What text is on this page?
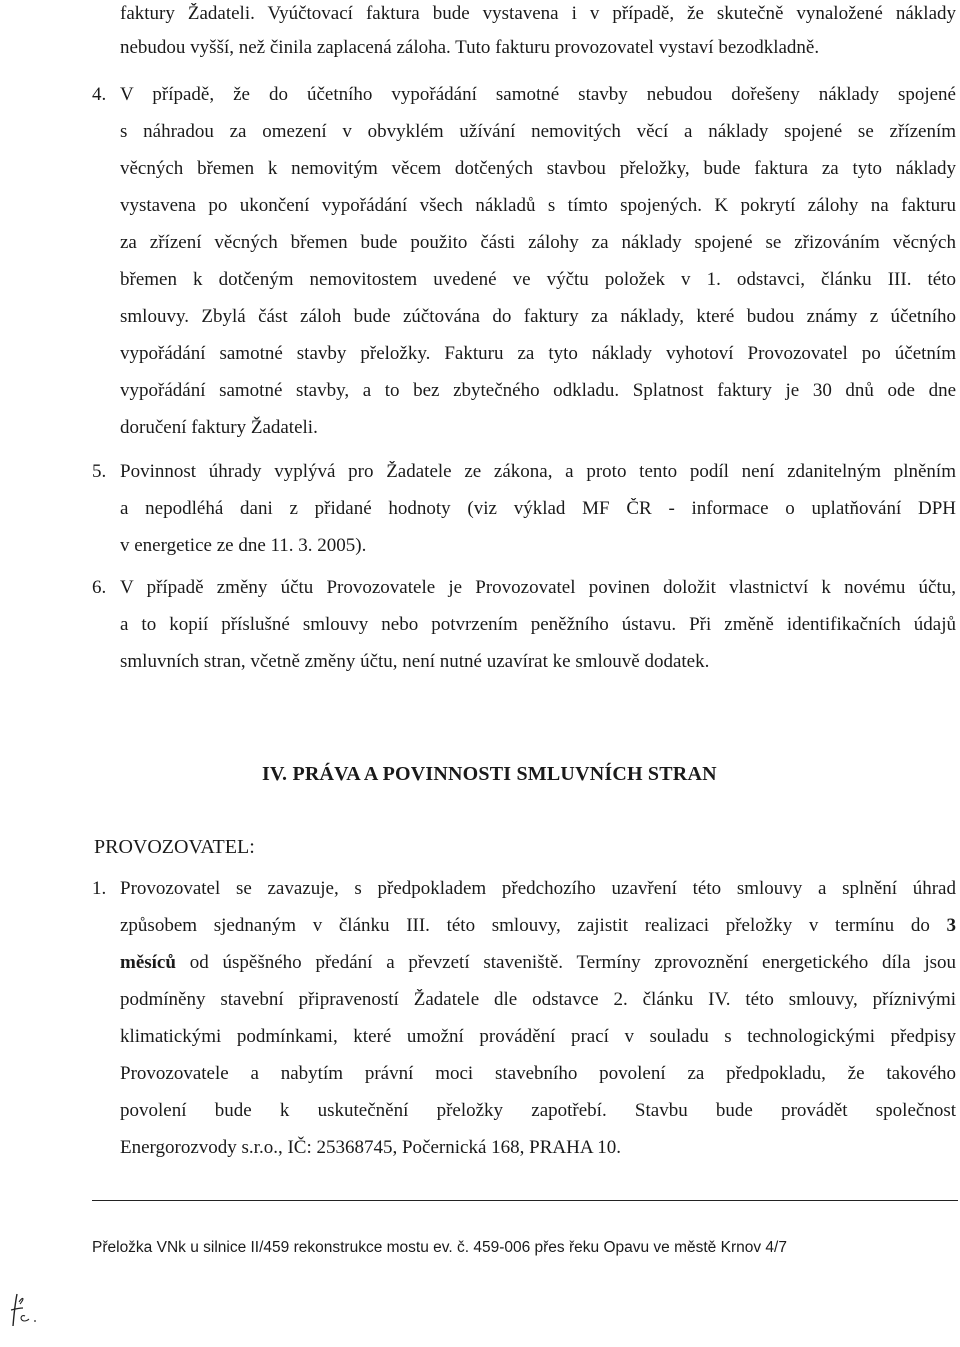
faktury Žadateli. Vyúčtovací faktura bude vystavena i v případě, že skutečně vynaložené náklady
nebudou vyšší, než činila zaplacená záloha. Tuto fakturu provozovatel vystaví bezodkladně.
4. V případě, že do účetního vypořádání samotné stavby nebudou dořešeny náklady spojené
s náhradou za omezení v obvyklém užívání nemovitých věcí a náklady spojené se zřízením
věcných břemen k nemovitým věcem dotčených stavbou přeložky, bude faktura za tyto náklady
vystavena po ukončení vypořádání všech nákladů s tímto spojených. K pokrytí zálohy na fakturu
za zřízení věcných břemen bude použito části zálohy za náklady spojené se zřizováním věcných
břemen k dotčeným nemovitostem uvedené ve výčtu položek v 1. odstavci, článku III. této
smlouvy. Zbylá část záloh bude zúčtována do faktury za náklady, které budou známy z účetního
vypořádání samotné stavby přeložky. Fakturu za tyto náklady vyhotoví Provozovatel po účetním
vypořádání samotné stavby, a to bez zbytečného odkladu. Splatnost faktury je 30 dnů ode dne
doručení faktury Žadateli.
5. Povinnost úhrady vyplývá pro Žadatele ze zákona, a proto tento podíl není zdanitelným plněním
a nepodléhá dani z přidané hodnoty (viz výklad MF ČR - informace o uplatňování DPH
v energetice ze dne 11. 3. 2005).
6. V případě změny účtu Provozovatele je Provozovatel povinen doložit vlastnictví k novému účtu,
a to kopií příslušné smlouvy nebo potvrzením peněžního ústavu. Při změně identifikačních údajů
smluvních stran, včetně změny účtu, není nutné uzavírat ke smlouvě dodatek.
IV. PRÁVA A POVINNOSTI SMLUVNÍCH STRAN
PROVOZOVATEL:
1. Provozovatel se zavazuje, s předpokladem předchozího uzavření této smlouvy a splnění úhrad
způsobem sjednaným v článku III. této smlouvy, zajistit realizaci přeložky v termínu do 3
měsíců od úspěšného předání a převzetí staveniště. Termíny zprovoznění energetického díla jsou
podmíněny stavební připraveností Žadatele dle odstavce 2. článku IV. této smlouvy, příznivými
klimatickými podmínkami, které umožní provádění prací v souladu s technologickými předpisy
Provozovatele a nabytím právní moci stavebního povolení za předpokladu, že takového
povolení bude k uskutečnění přeložky zapotřebí. Stavbu bude provádět společnost
Energorozvody s.r.o., IČ: 25368745, Počernická 168, PRAHA 10.
Přeložka VNk u silnice II/459 rekonstrukce mostu ev. č. 459-006 přes řeku Opavu ve městě Krnov 4/7
